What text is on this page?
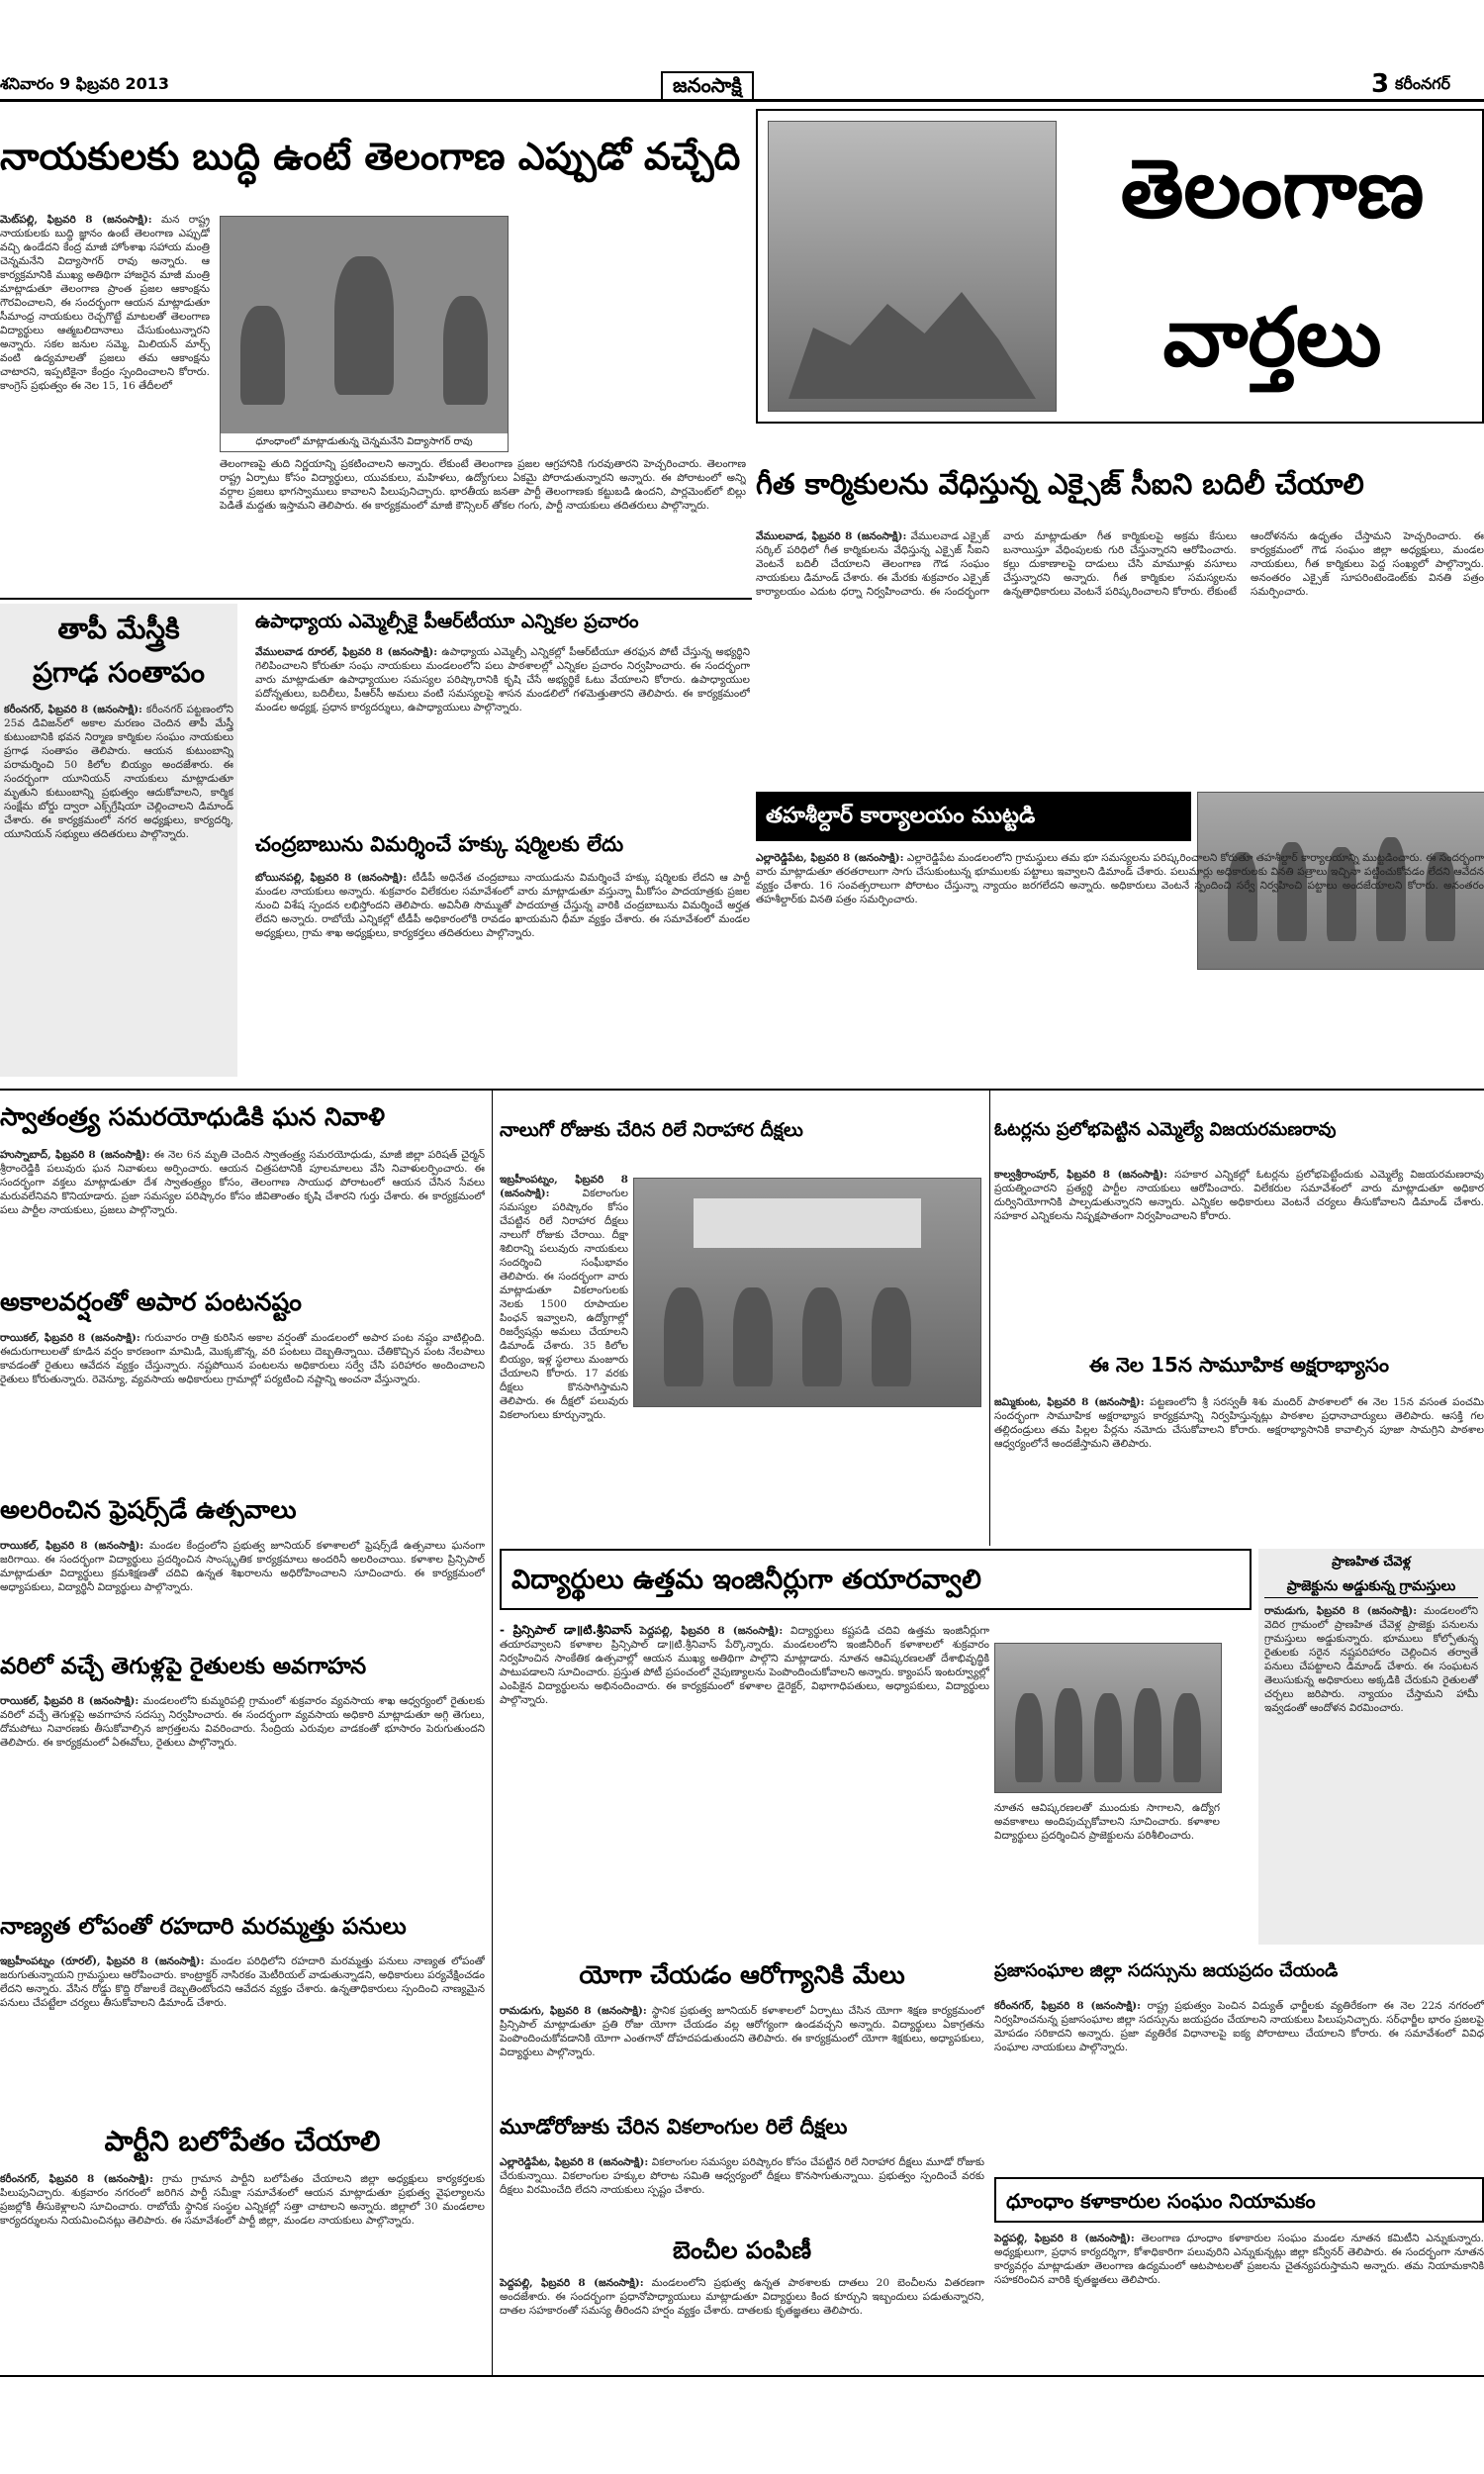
శనివారం 9 ఫిబ్రవరి 2013	జనంసాక్షి	3 కరీంనగర్
నాయకులకు బుద్ధి ఉంటే తెలంగాణ ఎప్పుడో వచ్చేది
మెట్‌పల్లి, ఫిబ్రవరి 8 (జనంసాక్షి): మన రాష్ట్ర నాయకులకు బుద్ధి జ్ఞానం ఉంటే తెలంగాణ ఎప్పుడో వచ్చి ఉండేదని కేంద్ర మాజీ హోంశాఖ సహాయ మంత్రి చెన్నమనేని విద్యాసాగర్‌ రావు అన్నారు. ఆ కార్యక్రమానికి ముఖ్య అతిథిగా హాజరైన మాజీ మంత్రి మాట్లాడుతూ తెలంగాణ ప్రాంత ప్రజల ఆకాంక్షను గౌరవించాలని, ఈ సందర్భంగా ఆయన మాట్లాడుతూ సీమాంధ్ర నాయకులు రెచ్చగొట్టే మాటలతో తెలంగాణ విద్యార్థులు ఆత్మబలిదానాలు చేసుకుంటున్నారని అన్నారు. సకల జనుల సమ్మె, మిలియన్‌ మార్చ్‌ వంటి ఉద్యమాలతో ప్రజలు తమ ఆకాంక్షను చాటారని, ఇప్పటికైనా కేంద్రం స్పందించాలని కోరారు. కాంగ్రెస్‌ ప్రభుత్వం ఈ నెల 15, 16 తేదీలలో
ధూంధాంలో మాట్లాడుతున్న చెన్నమనేని విద్యాసాగర్‌ రావు
తెలంగాణపై తుది నిర్ణయాన్ని ప్రకటించాలని అన్నారు. లేకుంటే తెలంగాణ ప్రజల ఆగ్రహానికి గురవుతారని హెచ్చరించారు. తెలంగాణ రాష్ట్ర ఏర్పాటు కోసం విద్యార్థులు, యువకులు, మహిళలు, ఉద్యోగులు ఏకమై పోరాడుతున్నారని అన్నారు. ఈ పోరాటంలో అన్ని వర్గాల ప్రజలు భాగస్వాములు కావాలని పిలుపునిచ్చారు. భారతీయ జనతా పార్టీ తెలంగాణకు కట్టుబడి ఉందని, పార్లమెంట్‌లో బిల్లు పెడితే మద్దతు ఇస్తామని తెలిపారు. ఈ కార్యక్రమంలో మాజీ కౌన్సిలర్‌ తోకల గంగు, పార్టీ నాయకులు తదితరులు పాల్గొన్నారు.
తెలంగాణ
వార్తలు
గీత కార్మికులను వేధిస్తున్న ఎక్సైజ్‌ సీఐని బదిలీ చేయాలి
వేములవాడ, ఫిబ్రవరి 8 (జనంసాక్షి): వేములవాడ ఎక్సైజ్‌ సర్కిల్‌ పరిధిలో గీత కార్మికులను వేధిస్తున్న ఎక్సైజ్‌ సీఐని వెంటనే బదిలీ చేయాలని తెలంగాణ గౌడ సంఘం నాయకులు డిమాండ్‌ చేశారు. ఈ మేరకు శుక్రవారం ఎక్సైజ్‌ కార్యాలయం ఎదుట ధర్నా నిర్వహించారు. ఈ సందర్భంగా వారు మాట్లాడుతూ గీత కార్మికులపై అక్రమ కేసులు బనాయిస్తూ వేధింపులకు గురి చేస్తున్నారని ఆరోపించారు. కల్లు దుకాణాలపై దాడులు చేసి మామూళ్లు వసూలు చేస్తున్నారని అన్నారు. గీత కార్మికుల సమస్యలను ఉన్నతాధికారులు వెంటనే పరిష్కరించాలని కోరారు. లేకుంటే ఆందోళనను ఉధృతం చేస్తామని హెచ్చరించారు. ఈ కార్యక్రమంలో గౌడ సంఘం జిల్లా అధ్యక్షులు, మండల నాయకులు, గీత కార్మికులు పెద్ద సంఖ్యలో పాల్గొన్నారు. అనంతరం ఎక్సైజ్‌ సూపరింటెండెంట్‌కు వినతి పత్రం సమర్పించారు.
తాపీ మేస్త్రీకి
ప్రగాఢ సంతాపం
కరీంనగర్‌, ఫిబ్రవరి 8 (జనంసాక్షి): కరీంనగర్‌ పట్టణంలోని 25వ డివిజన్‌లో అకాల మరణం చెందిన తాపీ మేస్త్రీ కుటుంబానికి భవన నిర్మాణ కార్మికుల సంఘం నాయకులు ప్రగాఢ సంతాపం తెలిపారు. ఆయన కుటుంబాన్ని పరామర్శించి 50 కిలోల బియ్యం అందజేశారు. ఈ సందర్భంగా యూనియన్‌ నాయకులు మాట్లాడుతూ మృతుని కుటుంబాన్ని ప్రభుత్వం ఆదుకోవాలని, కార్మిక సంక్షేమ బోర్డు ద్వారా ఎక్స్‌గ్రేషియా చెల్లించాలని డిమాండ్‌ చేశారు. ఈ కార్యక్రమంలో నగర అధ్యక్షులు, కార్యదర్శి, యూనియన్‌ సభ్యులు తదితరులు పాల్గొన్నారు.
ఉపాధ్యాయ ఎమ్మెల్సీకై పీఆర్‌టీయూ ఎన్నికల ప్రచారం
వేములవాడ రూరల్‌, ఫిబ్రవరి 8 (జనంసాక్షి): ఉపాధ్యాయ ఎమ్మెల్సీ ఎన్నికల్లో పీఆర్‌టీయూ తరఫున పోటీ చేస్తున్న అభ్యర్థిని గెలిపించాలని కోరుతూ సంఘ నాయకులు మండలంలోని పలు పాఠశాలల్లో ఎన్నికల ప్రచారం నిర్వహించారు. ఈ సందర్భంగా వారు మాట్లాడుతూ ఉపాధ్యాయుల సమస్యల పరిష్కారానికి కృషి చేసే అభ్యర్థికే ఓటు వేయాలని కోరారు. ఉపాధ్యాయుల పదోన్నతులు, బదిలీలు, పీఆర్‌సీ అమలు వంటి సమస్యలపై శాసన మండలిలో గళమెత్తుతారని తెలిపారు. ఈ కార్యక్రమంలో మండల అధ్యక్ష, ప్రధాన కార్యదర్శులు, ఉపాధ్యాయులు పాల్గొన్నారు.
చంద్రబాబును విమర్శించే హక్కు షర్మిలకు లేదు
బోయినపల్లి, ఫిబ్రవరి 8 (జనంసాక్షి): టీడీపీ అధినేత చంద్రబాబు నాయుడును విమర్శించే హక్కు షర్మిలకు లేదని ఆ పార్టీ మండల నాయకులు అన్నారు. శుక్రవారం విలేకరుల సమావేశంలో వారు మాట్లాడుతూ వస్తున్నా మీకోసం పాదయాత్రకు ప్రజల నుంచి విశేష స్పందన లభిస్తోందని తెలిపారు. అవినీతి సొమ్ముతో పాదయాత్ర చేస్తున్న వారికి చంద్రబాబును విమర్శించే అర్హత లేదని అన్నారు. రాబోయే ఎన్నికల్లో టీడీపీ అధికారంలోకి రావడం ఖాయమని ధీమా వ్యక్తం చేశారు. ఈ సమావేశంలో మండల అధ్యక్షులు, గ్రామ శాఖ అధ్యక్షులు, కార్యకర్తలు తదితరులు పాల్గొన్నారు.
తహశీల్దార్‌ కార్యాలయం ముట్టడి
ఎల్లారెడ్డిపేట, ఫిబ్రవరి 8 (జనంసాక్షి): ఎల్లారెడ్డిపేట మండలంలోని గ్రామస్థులు తమ భూ సమస్యలను పరిష్కరించాలని కోరుతూ తహశీల్దార్‌ కార్యాలయాన్ని ముట్టడించారు. ఈ సందర్భంగా వారు మాట్లాడుతూ తరతరాలుగా సాగు చేసుకుంటున్న భూములకు పట్టాలు ఇవ్వాలని డిమాండ్‌ చేశారు. పలుమార్లు అధికారులకు వినతి పత్రాలు ఇచ్చినా పట్టించుకోవడం లేదని ఆవేదన వ్యక్తం చేశారు. 16 సంవత్సరాలుగా పోరాటం చేస్తున్నా న్యాయం జరగలేదని అన్నారు. అధికారులు వెంటనే స్పందించి సర్వే నిర్వహించి పట్టాలు అందజేయాలని కోరారు. అనంతరం తహశీల్దార్‌కు వినతి పత్రం సమర్పించారు.
స్వాతంత్ర్య సమరయోధుడికి ఘన నివాళి
హుస్నాబాద్‌, ఫిబ్రవరి 8 (జనంసాక్షి): ఈ నెల 6న మృతి చెందిన స్వాతంత్ర్య సమరయోధుడు, మాజీ జిల్లా పరిషత్‌ చైర్మన్‌ శ్రీరాంరెడ్డికి పలువురు ఘన నివాళులు అర్పించారు. ఆయన చిత్రపటానికి పూలమాలలు వేసి నివాళులర్పించారు. ఈ సందర్భంగా వక్తలు మాట్లాడుతూ దేశ స్వాతంత్ర్యం కోసం, తెలంగాణ సాయుధ పోరాటంలో ఆయన చేసిన సేవలు మరువలేనివని కొనియాడారు. ప్రజా సమస్యల పరిష్కారం కోసం జీవితాంతం కృషి చేశారని గుర్తు చేశారు. ఈ కార్యక్రమంలో పలు పార్టీల నాయకులు, ప్రజలు పాల్గొన్నారు.
అకాలవర్షంతో అపార పంటనష్టం
రాయికల్‌, ఫిబ్రవరి 8 (జనంసాక్షి): గురువారం రాత్రి కురిసిన అకాల వర్షంతో మండలంలో అపార పంట నష్టం వాటిల్లింది. ఈదురుగాలులతో కూడిన వర్షం కారణంగా మామిడి, మొక్కజొన్న, వరి పంటలు దెబ్బతిన్నాయి. చేతికొచ్చిన పంట నేలపాలు కావడంతో రైతులు ఆవేదన వ్యక్తం చేస్తున్నారు. నష్టపోయిన పంటలను అధికారులు సర్వే చేసి పరిహారం అందించాలని రైతులు కోరుతున్నారు. రెవెన్యూ, వ్యవసాయ అధికారులు గ్రామాల్లో పర్యటించి నష్టాన్ని అంచనా వేస్తున్నారు.
అలరించిన ఫ్రెషర్స్‌డే ఉత్సవాలు
రాయికల్‌, ఫిబ్రవరి 8 (జనంసాక్షి): మండల కేంద్రంలోని ప్రభుత్వ జూనియర్‌ కళాశాలలో ఫ్రెషర్స్‌డే ఉత్సవాలు ఘనంగా జరిగాయి. ఈ సందర్భంగా విద్యార్థులు ప్రదర్శించిన సాంస్కృతిక కార్యక్రమాలు అందరినీ అలరించాయి. కళాశాల ప్రిన్సిపాల్‌ మాట్లాడుతూ విద్యార్థులు క్రమశిక్షణతో చదివి ఉన్నత శిఖరాలను అధిరోహించాలని సూచించారు. ఈ కార్యక్రమంలో అధ్యాపకులు, విద్యార్థినీ విద్యార్థులు పాల్గొన్నారు.
వరిలో వచ్చే తెగుళ్లపై రైతులకు అవగాహన
రాయికల్‌, ఫిబ్రవరి 8 (జనంసాక్షి): మండలంలోని కుమ్మరిపల్లి గ్రామంలో శుక్రవారం వ్యవసాయ శాఖ ఆధ్వర్యంలో రైతులకు వరిలో వచ్చే తెగుళ్లపై అవగాహన సదస్సు నిర్వహించారు. ఈ సందర్భంగా వ్యవసాయ అధికారి మాట్లాడుతూ అగ్గి తెగులు, దోమపోటు నివారణకు తీసుకోవాల్సిన జాగ్రత్తలను వివరించారు. సేంద్రియ ఎరువుల వాడకంతో భూసారం పెరుగుతుందని తెలిపారు. ఈ కార్యక్రమంలో ఏఈవోలు, రైతులు పాల్గొన్నారు.
నాణ్యత లోపంతో రహదారి మరమ్మత్తు పనులు
ఇబ్రహీంపట్నం (రూరల్‌), ఫిబ్రవరి 8 (జనంసాక్షి): మండల పరిధిలోని రహదారి మరమ్మత్తు పనులు నాణ్యత లోపంతో జరుగుతున్నాయని గ్రామస్థులు ఆరోపించారు. కాంట్రాక్టర్‌ నాసిరకం మెటీరియల్‌ వాడుతున్నాడని, అధికారులు పర్యవేక్షించడం లేదని అన్నారు. వేసిన రోడ్డు కొద్ది రోజులకే దెబ్బతింటోందని ఆవేదన వ్యక్తం చేశారు. ఉన్నతాధికారులు స్పందించి నాణ్యమైన పనులు చేపట్టేలా చర్యలు తీసుకోవాలని డిమాండ్‌ చేశారు.
పార్టీని బలోపేతం చేయాలి
కరీంనగర్‌, ఫిబ్రవరి 8 (జనంసాక్షి): గ్రామ గ్రామాన పార్టీని బలోపేతం చేయాలని జిల్లా అధ్యక్షులు కార్యకర్తలకు పిలుపునిచ్చారు. శుక్రవారం నగరంలో జరిగిన పార్టీ సమీక్షా సమావేశంలో ఆయన మాట్లాడుతూ ప్రభుత్వ వైఫల్యాలను ప్రజల్లోకి తీసుకెళ్లాలని సూచించారు. రాబోయే స్థానిక సంస్థల ఎన్నికల్లో సత్తా చాటాలని అన్నారు. జిల్లాలో 30 మండలాల కార్యదర్శులను నియమించినట్లు తెలిపారు. ఈ సమావేశంలో పార్టీ జిల్లా, మండల నాయకులు పాల్గొన్నారు.
నాలుగో రోజుకు చేరిన రిలే నిరాహార దీక్షలు
ఇబ్రహీంపట్నం, ఫిబ్రవరి 8 (జనంసాక్షి):	వికలాంగుల సమస్యల పరిష్కారం కోసం చేపట్టిన రిలే నిరాహార దీక్షలు నాలుగో రోజుకు చేరాయి. దీక్షా శిబిరాన్ని పలువురు నాయకులు సందర్శించి సంఘీభావం తెలిపారు. ఈ సందర్భంగా వారు మాట్లాడుతూ వికలాంగులకు నెలకు 1500 రూపాయల పింఛన్‌ ఇవ్వాలని, ఉద్యోగాల్లో రిజర్వేషన్లు అమలు చేయాలని డిమాండ్‌ చేశారు. 35 కిలోల బియ్యం, ఇళ్ల స్థలాలు మంజూరు చేయాలని కోరారు. 17 వరకు దీక్షలు కొనసాగిస్తామని తెలిపారు. ఈ దీక్షలో పలువురు వికలాంగులు కూర్చున్నారు.
ఓటర్లను ప్రలోభపెట్టిన ఎమ్మెల్యే విజయరమణరావు
కాల్వశ్రీరాంపూర్‌, ఫిబ్రవరి 8 (జనంసాక్షి): సహకార ఎన్నికల్లో ఓటర్లను ప్రలోభపెట్టేందుకు ఎమ్మెల్యే విజయరమణరావు ప్రయత్నించారని ప్రత్యర్థి పార్టీల నాయకులు ఆరోపించారు. విలేకరుల సమావేశంలో వారు మాట్లాడుతూ అధికార దుర్వినియోగానికి పాల్పడుతున్నారని అన్నారు. ఎన్నికల అధికారులు వెంటనే చర్యలు తీసుకోవాలని డిమాండ్‌ చేశారు. సహకార ఎన్నికలను నిష్పక్షపాతంగా నిర్వహించాలని కోరారు.
ఈ నెల 15న సామూహిక అక్షరాభ్యాసం
జమ్మికుంట, ఫిబ్రవరి 8 (జనంసాక్షి): పట్టణంలోని శ్రీ సరస్వతీ శిశు మందిర్‌ పాఠశాలలో ఈ నెల 15న వసంత పంచమి సందర్భంగా సామూహిక అక్షరాభ్యాస కార్యక్రమాన్ని నిర్వహిస్తున్నట్లు పాఠశాల ప్రధానాచార్యులు తెలిపారు. ఆసక్తి గల తల్లిదండ్రులు తమ పిల్లల పేర్లను నమోదు చేసుకోవాలని కోరారు. అక్షరాభ్యాసానికి కావాల్సిన పూజా సామగ్రిని పాఠశాల ఆధ్వర్యంలోనే అందజేస్తామని తెలిపారు.
విద్యార్థులు ఉత్తమ ఇంజినీర్లుగా తయారవ్వాలి
- ప్రిన్సిపాల్‌ డా॥టి.శ్రీనివాస్‌ పెద్దపల్లి, ఫిబ్రవరి 8 (జనంసాక్షి): విద్యార్థులు కష్టపడి చదివి ఉత్తమ ఇంజినీర్లుగా తయారవ్వాలని కళాశాల ప్రిన్సిపాల్‌ డా॥టి.శ్రీనివాస్‌ పేర్కొన్నారు. మండలంలోని ఇంజినీరింగ్‌ కళాశాలలో శుక్రవారం నిర్వహించిన సాంకేతిక ఉత్సవాల్లో ఆయన ముఖ్య అతిథిగా పాల్గొని మాట్లాడారు. నూతన ఆవిష్కరణలతో దేశాభివృద్ధికి పాటుపడాలని సూచించారు. ప్రస్తుత పోటీ ప్రపంచంలో నైపుణ్యాలను పెంపొందించుకోవాలని అన్నారు. క్యాంపస్‌ ఇంటర్వ్యూల్లో ఎంపికైన విద్యార్థులను అభినందించారు. ఈ కార్యక్రమంలో కళాశాల డైరెక్టర్‌, విభాగాధిపతులు, అధ్యాపకులు, విద్యార్థులు పాల్గొన్నారు.
నూతన ఆవిష్కరణలతో ముందుకు సాగాలని, ఉద్యోగ అవకాశాలు అందిపుచ్చుకోవాలని సూచించారు. కళాశాల విద్యార్థులు ప్రదర్శించిన ప్రాజెక్టులను పరిశీలించారు.
ప్రాణహిత చేవెళ్ల
ప్రాజెక్టును అడ్డుకున్న గ్రామస్తులు
రామడుగు, ఫిబ్రవరి 8 (జనంసాక్షి): మండలంలోని వెదిర గ్రామంలో ప్రాణహిత చేవెళ్ల ప్రాజెక్టు పనులను గ్రామస్తులు అడ్డుకున్నారు. భూములు కోల్పోతున్న రైతులకు సరైన నష్టపరిహారం చెల్లించిన తర్వాతే పనులు చేపట్టాలని డిమాండ్‌ చేశారు. ఈ సంఘటన తెలుసుకున్న అధికారులు అక్కడికి చేరుకుని రైతులతో చర్చలు జరిపారు. న్యాయం చేస్తామని హామీ ఇవ్వడంతో ఆందోళన విరమించారు.
యోగా చేయడం ఆరోగ్యానికి మేలు
రామడుగు, ఫిబ్రవరి 8 (జనంసాక్షి): స్థానిక ప్రభుత్వ జూనియర్‌ కళాశాలలో ఏర్పాటు చేసిన యోగా శిక్షణ కార్యక్రమంలో ప్రిన్సిపాల్‌ మాట్లాడుతూ ప్రతి రోజు యోగా చేయడం వల్ల ఆరోగ్యంగా ఉండవచ్చని అన్నారు. విద్యార్థులు ఏకాగ్రతను పెంపొందించుకోవడానికి యోగా ఎంతగానో దోహదపడుతుందని తెలిపారు. ఈ కార్యక్రమంలో యోగా శిక్షకులు, అధ్యాపకులు, విద్యార్థులు పాల్గొన్నారు.
మూడోరోజుకు చేరిన వికలాంగుల రిలే దీక్షలు
ఎల్లారెడ్డిపేట, ఫిబ్రవరి 8 (జనంసాక్షి): వికలాంగుల సమస్యల పరిష్కారం కోసం చేపట్టిన రిలే నిరాహార దీక్షలు మూడో రోజుకు చేరుకున్నాయి. వికలాంగుల హక్కుల పోరాట సమితి ఆధ్వర్యంలో దీక్షలు కొనసాగుతున్నాయి. ప్రభుత్వం స్పందించే వరకు దీక్షలు విరమించేది లేదని నాయకులు స్పష్టం చేశారు.
బెంచీల పంపిణీ
పెద్దపల్లి, ఫిబ్రవరి 8 (జనంసాక్షి): మండలంలోని ప్రభుత్వ ఉన్నత పాఠశాలకు దాతలు 20 బెంచీలను వితరణగా అందజేశారు. ఈ సందర్భంగా ప్రధానోపాధ్యాయులు మాట్లాడుతూ విద్యార్థులు కింద కూర్చుని ఇబ్బందులు పడుతున్నారని, దాతల సహకారంతో సమస్య తీరిందని హర్షం వ్యక్తం చేశారు. దాతలకు కృతజ్ఞతలు తెలిపారు.
ప్రజాసంఘాల జిల్లా సదస్సును జయప్రదం చేయండి
కరీంనగర్‌, ఫిబ్రవరి 8 (జనంసాక్షి): రాష్ట్ర ప్రభుత్వం పెంచిన విద్యుత్‌ ఛార్జీలకు వ్యతిరేకంగా ఈ నెల 22న నగరంలో నిర్వహించనున్న ప్రజాసంఘాల జిల్లా సదస్సును జయప్రదం చేయాలని నాయకులు పిలుపునిచ్చారు. సర్‌ఛార్జీల భారం ప్రజలపై మోపడం సరికాదని అన్నారు. ప్రజా వ్యతిరేక విధానాలపై ఐక్య పోరాటాలు చేయాలని కోరారు. ఈ సమావేశంలో వివిధ సంఘాల నాయకులు పాల్గొన్నారు.
ధూంధాం కళాకారుల సంఘం నియామకం
పెద్దపల్లి, ఫిబ్రవరి 8 (జనంసాక్షి): తెలంగాణ ధూంధాం కళాకారుల సంఘం మండల నూతన కమిటీని ఎన్నుకున్నారు. అధ్యక్షులుగా, ప్రధాన కార్యదర్శిగా, కోశాధికారిగా పలువురిని ఎన్నుకున్నట్లు జిల్లా కన్వీనర్‌ తెలిపారు. ఈ సందర్భంగా నూతన కార్యవర్గం మాట్లాడుతూ తెలంగాణ ఉద్యమంలో ఆటపాటలతో ప్రజలను చైతన్యపరుస్తామని అన్నారు. తమ నియామకానికి సహకరించిన వారికి కృతజ్ఞతలు తెలిపారు.
